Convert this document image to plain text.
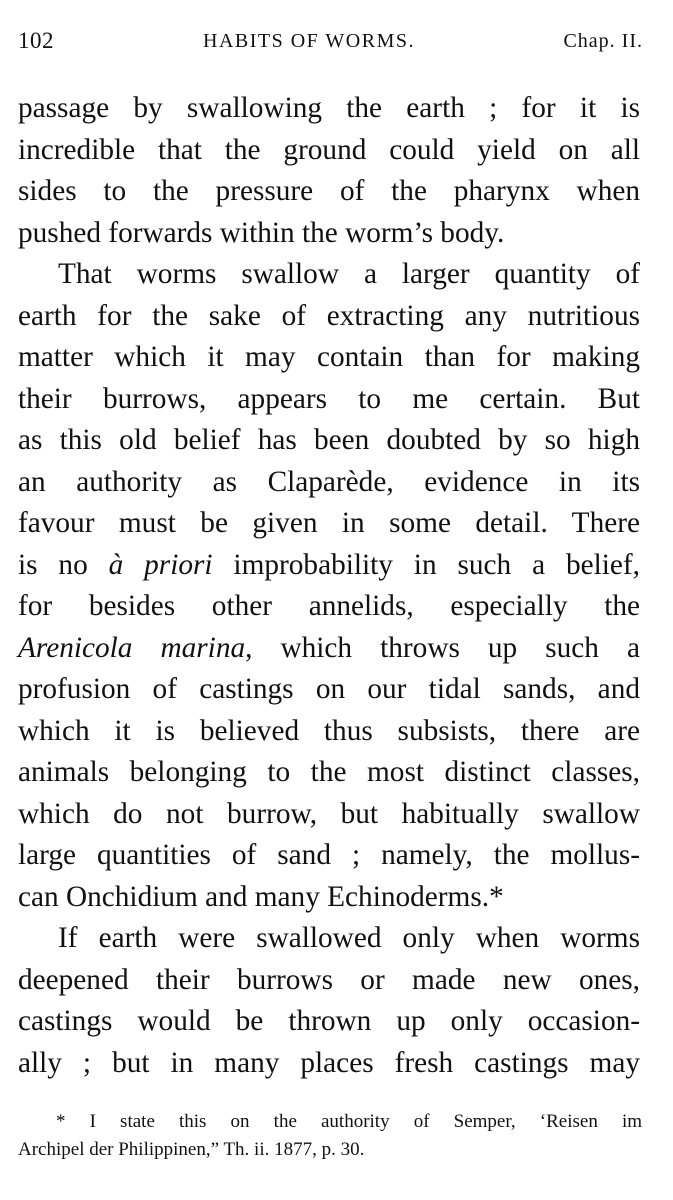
102	HABITS OF WORMS.	Chap. II.
passage by swallowing the earth ; for it is
incredible that the ground could yield on all
sides to the pressure of the pharynx when
pushed forwards within the worm’s body.
That worms swallow a larger quantity of
earth for the sake of extracting any nutritious
matter which it may contain than for making
their burrows, appears to me certain. But
as this old belief has been doubted by so high
an authority as Claparède, evidence in its
favour must be given in some detail. There
is no à priori improbability in such a belief,
for besides other annelids, especially the
Arenicola marina, which throws up such a
profusion of castings on our tidal sands, and
which it is believed thus subsists, there are
animals belonging to the most distinct classes,
which do not burrow, but habitually swallow
large quantities of sand ; namely, the mollus-
can Onchidium and many Echinoderms.*
If earth were swallowed only when worms
deepened their burrows or made new ones,
castings would be thrown up only occasion-
ally ; but in many places fresh castings may
* I state this on the authority of Semper, ‘Reisen im
Archipel der Philippinen,” Th. ii. 1877, p. 30.
